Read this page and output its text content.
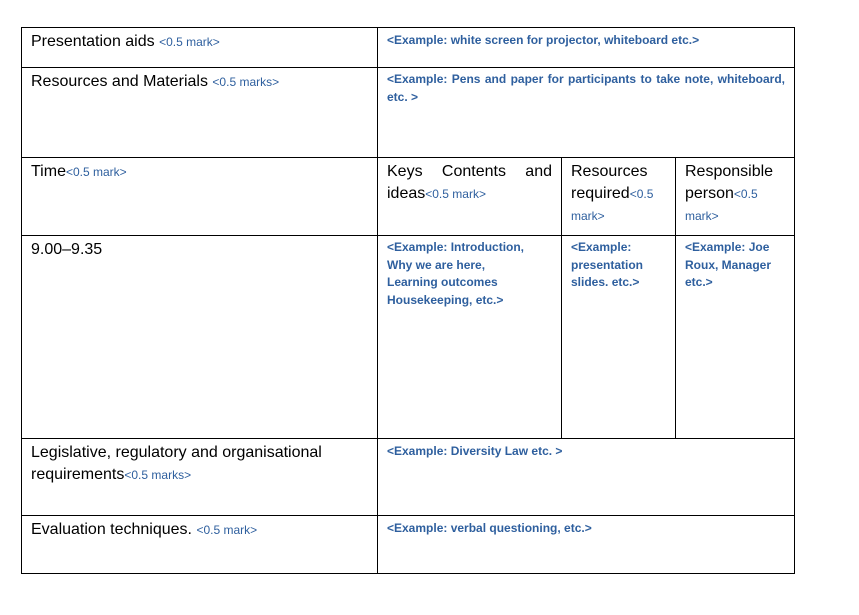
Presentation aids <0.5 mark>	<Example: white screen for projector, whiteboard etc.>		
Resources and Materials <0.5 marks>	<Example: Pens and paper for participants to take note, whiteboard, etc. >		

Time<0.5 mark>	Keys Contents and ideas<0.5 mark>	Resources required<0.5 mark>	Responsible person<0.5 mark>

9.00–9.35	<Example: Introduction,
Why we are here,
Learning outcomes
Housekeeping, etc.>	<Example:
presentation
slides. etc.>	<Example: Joe
Roux, Manager
etc.>

Legislative, regulatory and organisational requirements<0.5 marks>	<Example: Diversity Law etc. >		
Evaluation techniques. <0.5 mark>	<Example: verbal questioning, etc.>		
